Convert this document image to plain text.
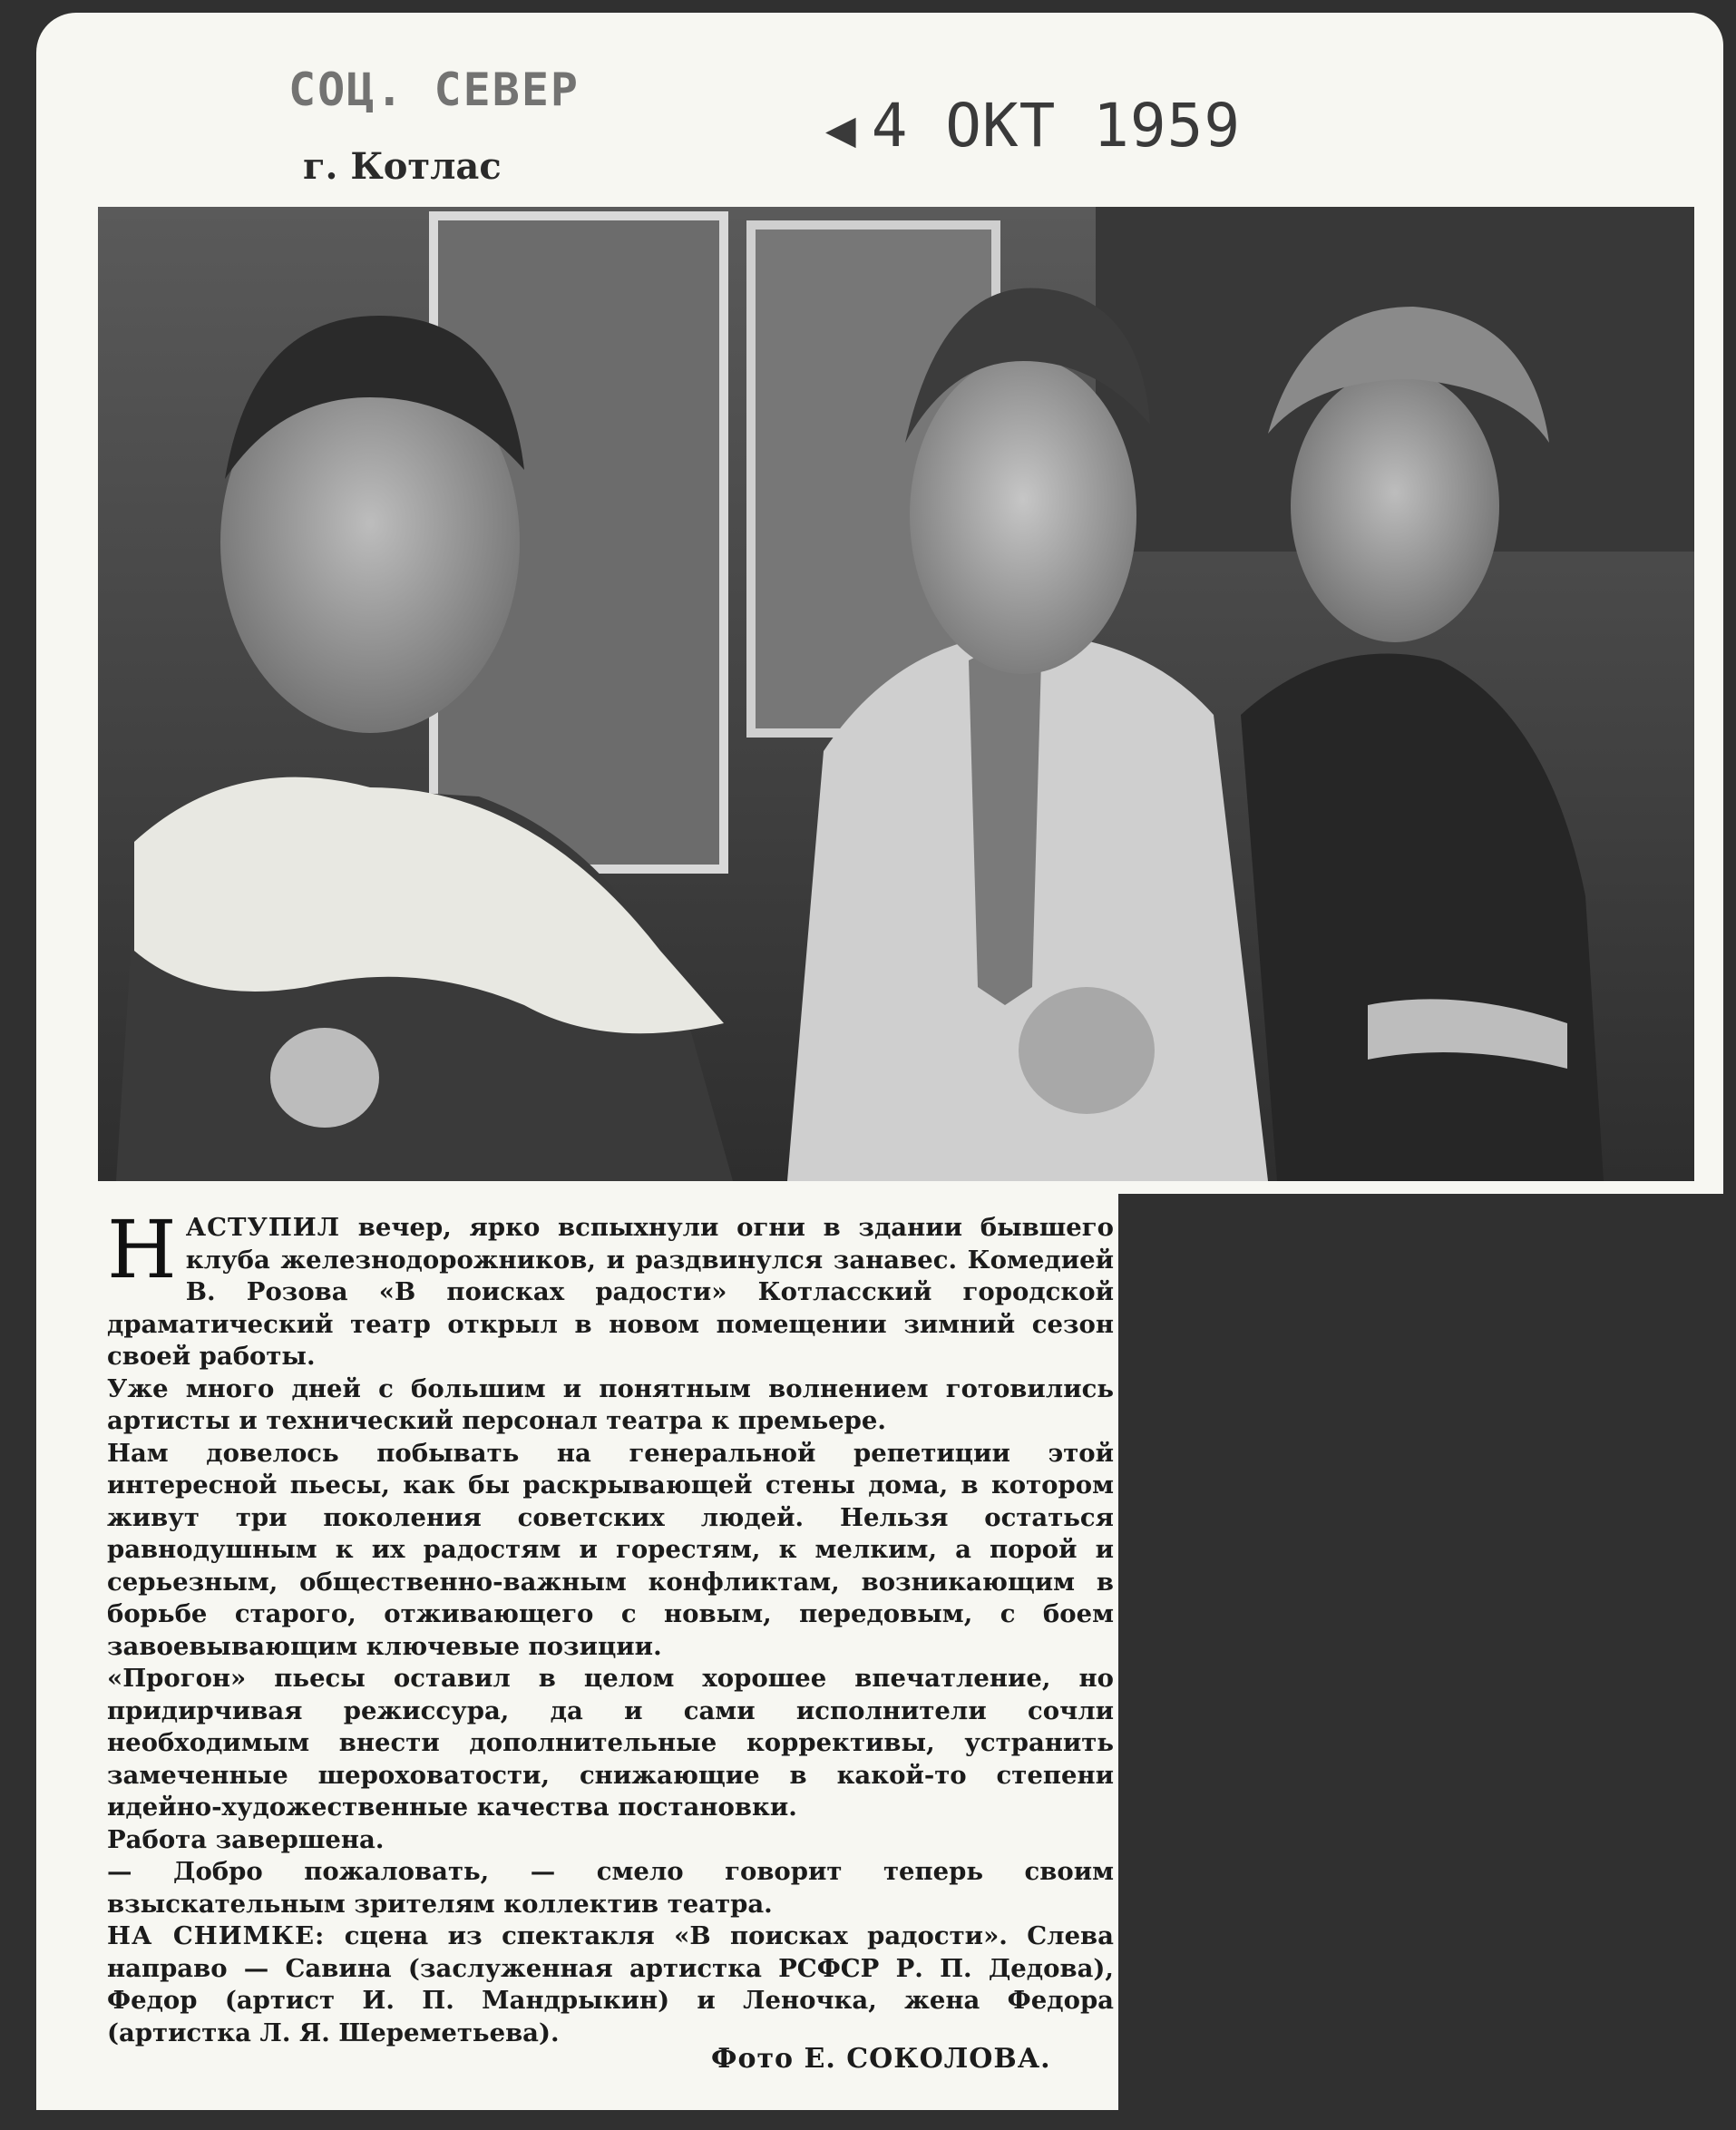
СОЦ. СЕВЕР
◀ 4 ОКТ 1959
г. Котлас

НАСТУПИЛ вечер, ярко вспыхнули огни в здании бывшего клуба железнодорожников, и раздвинулся занавес. Комедией В. Розова «В поисках радости» Котласский городской драматический театр открыл в новом помещении зимний сезон своей работы.

Уже много дней с большим и понятным волнением готовились артисты и технический персонал театра к премьере.

Нам довелось побывать на генеральной репетиции этой интересной пьесы, как бы раскрывающей стены дома, в котором живут три поколения советских людей. Нельзя остаться равнодушным к их радостям и горестям, к мелким, а порой и серьезным, общественно-важным конфликтам, возникающим в борьбе старого, отживающего с новым, передовым, с боем завоевывающим ключевые позиции.

«Прогон» пьесы оставил в целом хорошее впечатление, но придирчивая режиссура, да и сами исполнители сочли необходимым внести дополнительные коррективы, устранить замеченные шероховатости, снижающие в какой-то степени идейно-художественные качества постановки.

Работа завершена.

— Добро пожаловать, — смело говорит теперь своим взыскательным зрителям коллектив театра.

НА СНИМКЕ: сцена из спектакля «В поисках радости». Слева направо — Савина (заслуженная артистка РСФСР Р. П. Дедова), Федор (артист И. П. Мандрыкин) и Леночка, жена Федора (артистка Л. Я. Шереметьева).

Фото Е. СОКОЛОВА.
